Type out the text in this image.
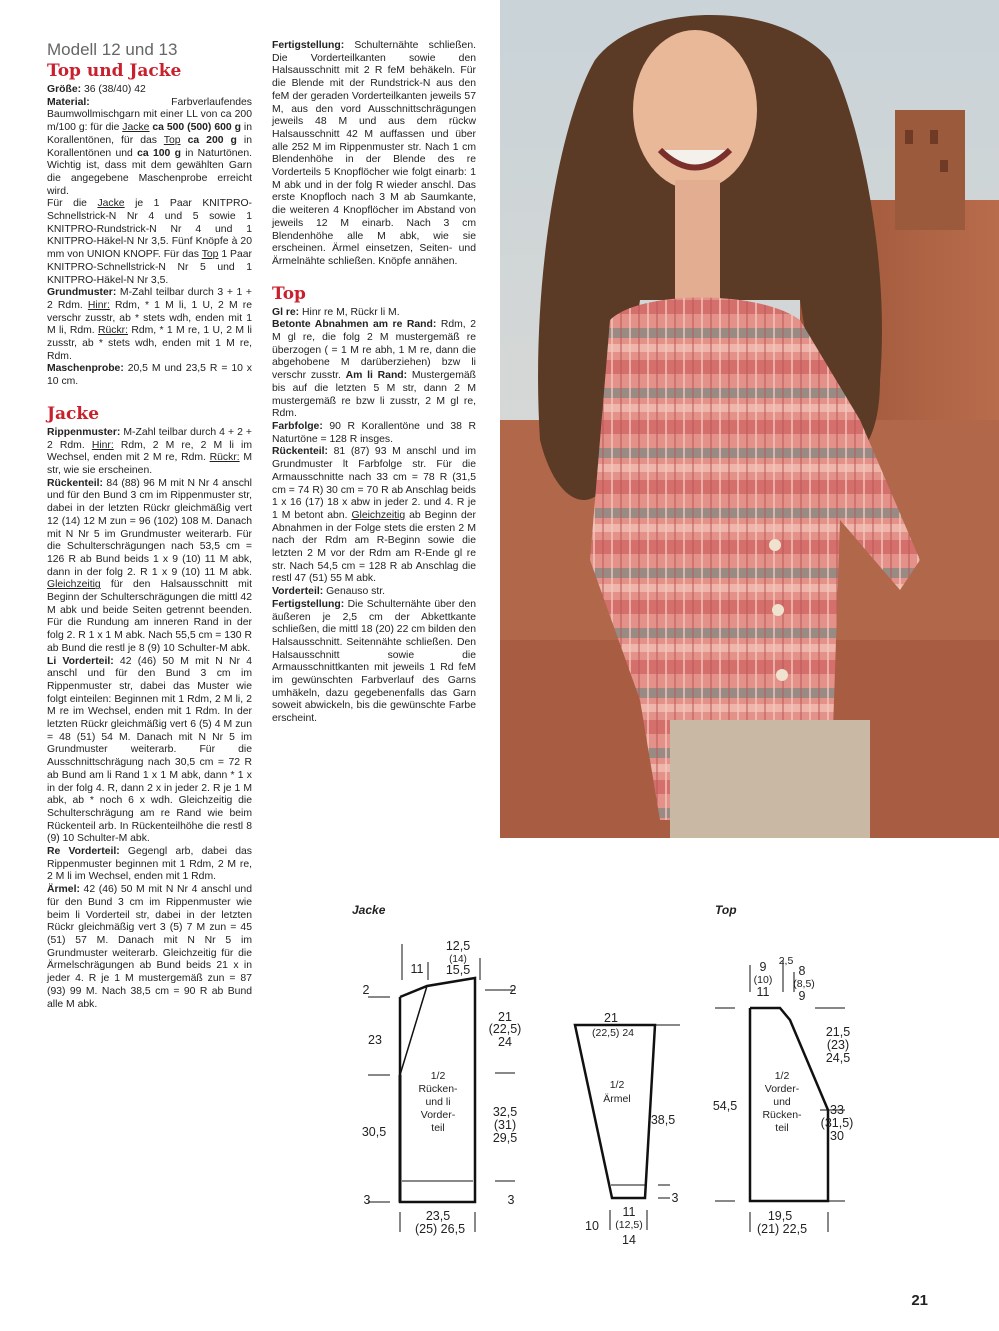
Modell 12 und 13

Top und Jacke

Größe: 36 (38/40) 42

Material: Farbverlaufendes Baumwollmischgarn mit einer LL von ca 200 m/100 g: für die Jacke ca 500 (500) 600 g in Korallentönen, für das Top ca 200 g in Korallentönen und ca 100 g in Naturtönen. Wichtig ist, dass mit dem gewählten Garn die angegebene Maschenprobe erreicht wird.

Für die Jacke je 1 Paar KNITPRO-Schnellstrick-N Nr 4 und 5 sowie 1 KNITPRO-Rundstrick-N Nr 4 und 1 KNITPRO-Häkel-N Nr 3,5. Fünf Knöpfe à 20 mm von UNION KNOPF. Für das Top 1 Paar KNITPRO-Schnellstrick-N Nr 5 und 1 KNITPRO-Häkel-N Nr 3,5.

Grundmuster: M-Zahl teilbar durch 3 + 1 + 2 Rdm. Hinr: Rdm, * 1 M li, 1 U, 2 M re verschr zusstr, ab * stets wdh, enden mit 1 M li, Rdm. Rückr: Rdm, * 1 M re, 1 U, 2 M li zusstr, ab * stets wdh, enden mit 1 M re, Rdm.

Maschenprobe: 20,5 M und 23,5 R = 10 x 10 cm.

Jacke

Rippenmuster: M-Zahl teilbar durch 4 + 2 + 2 Rdm. Hinr: Rdm, 2 M re, 2 M li im Wechsel, enden mit 2 M re, Rdm. Rückr: M str, wie sie erscheinen.

Rückenteil: 84 (88) 96 M mit N Nr 4 anschl und für den Bund 3 cm im Rippenmuster str, dabei in der letzten Rückr gleichmäßig vert 12 (14) 12 M zun = 96 (102) 108 M. Danach mit N Nr 5 im Grundmuster weiterarb. Für die Schulterschrägungen nach 53,5 cm = 126 R ab Bund beids 1 x 9 (10) 11 M abk, dann in der folg 2. R 1 x 9 (10) 11 M abk. Gleichzeitig für den Halsausschnitt mit Beginn der Schulterschrägungen die mittl 42 M abk und beide Seiten getrennt beenden. Für die Rundung am inneren Rand in der folg 2. R 1 x 1 M abk. Nach 55,5 cm = 130 R ab Bund die restl je 8 (9) 10 Schulter-M abk.

Li Vorderteil: 42 (46) 50 M mit N Nr 4 anschl und für den Bund 3 cm im Rippenmuster str, dabei das Muster wie folgt einteilen: Beginnen mit 1 Rdm, 2 M li, 2 M re im Wechsel, enden mit 1 Rdm. In der letzten Rückr gleichmäßig vert 6 (5) 4 M zun = 48 (51) 54 M. Danach mit N Nr 5 im Grundmuster weiterarb. Für die Ausschnittschrägung nach 30,5 cm = 72 R ab Bund am li Rand 1 x 1 M abk, dann * 1 x in der folg 4. R, dann 2 x in jeder 2. R je 1 M abk, ab * noch 6 x wdh. Gleichzeitig die Schulterschrägung am re Rand wie beim Rückenteil arb. In Rückenteilhöhe die restl 8 (9) 10 Schulter-M abk.

Re Vorderteil: Gegengl arb, dabei das Rippenmuster beginnen mit 1 Rdm, 2 M re, 2 M li im Wechsel, enden mit 1 Rdm.

Ärmel: 42 (46) 50 M mit N Nr 4 anschl und für den Bund 3 cm im Rippenmuster wie beim li Vorderteil str, dabei in der letzten Rückr gleichmäßig vert 3 (5) 7 M zun = 45 (51) 57 M. Danach mit N Nr 5 im Grundmuster weiterarb. Gleichzeitig für die Ärmelschrägungen ab Bund beids 21 x in jeder 4. R je 1 M mustergemäß zun = 87 (93) 99 M. Nach 38,5 cm = 90 R ab Bund alle M abk.

Fertigstellung: Schulternähte schließen. Die Vorderteilkanten sowie den Halsausschnitt mit 2 R feM behäkeln. Für die Blende mit der Rundstrick-N aus den feM der geraden Vorderteilkanten jeweils 57 M, aus den vord Ausschnittschrägungen jeweils 48 M und aus dem rückw Halsausschnitt 42 M auffassen und über alle 252 M im Rippenmuster str. Nach 1 cm Blendenhöhe in der Blende des re Vorderteils 5 Knopflöcher wie folgt einarb: 1 M abk und in der folg R wieder anschl. Das erste Knopfloch nach 3 M ab Saumkante, die weiteren 4 Knopflöcher im Abstand von jeweils 12 M einarb. Nach 3 cm Blendenhöhe alle M abk, wie sie erscheinen. Ärmel einsetzen, Seiten- und Ärmelnähte schließen. Knöpfe annähen.

Top

Gl re: Hinr re M, Rückr li M.

Betonte Abnahmen am re Rand: Rdm, 2 M gl re, die folg 2 M mustergemäß re überzogen ( = 1 M re abh, 1 M re, dann die abgehobene M darüberziehen) bzw li verschr zusstr. Am li Rand: Mustergemäß bis auf die letzten 5 M str, dann 2 M mustergemäß re bzw li zusstr, 2 M gl re, Rdm.

Farbfolge: 90 R Korallentöne und 38 R Naturtöne = 128 R insges.

Rückenteil: 81 (87) 93 M anschl und im Grundmuster lt Farbfolge str. Für die Armausschnitte nach 33 cm = 78 R (31,5 cm = 74 R) 30 cm = 70 R ab Anschlag beids 1 x 16 (17) 18 x abw in jeder 2. und 4. R je 1 M betont abn. Gleichzeitig ab Beginn der Abnahmen in der Folge stets die ersten 2 M nach der Rdm am R-Beginn sowie die letzten 2 M vor der Rdm am R-Ende gl re str. Nach 54,5 cm = 128 R ab Anschlag die restl 47 (51) 55 M abk.

Vorderteil: Genauso str.

Fertigstellung: Die Schulternähte über den äußeren je 2,5 cm der Abkettkante schließen, die mittl 18 (20) 22 cm bilden den Halsausschnitt. Seitennähte schließen. Den Halsausschnitt sowie die Armausschnittkanten mit jeweils 1 Rd feM im gewünschten Farbverlauf des Garns umhäkeln, dazu gegebenenfalls das Garn soweit abwickeln, bis die gewünschte Farbe erscheint.

Jacke	Top
12,5
(14)
15,5
11
2	2
23
21
(22,5)
24
30,5
32,5
(31)
29,5
3	3
23,5
(25) 26,5
1/2
Rücken-
und li
Vorder-
teil
21
(22,5) 24
38,5
3
10
11
(12,5)
14
1/2
Ärmel
9
(10)
11
2,5
8
(8,5)
9
21,5
(23)
24,5
54,5	33
(31,5)
30
19,5
(21) 22,5
1/2
Vorder-
und
Rücken-
teil
21
